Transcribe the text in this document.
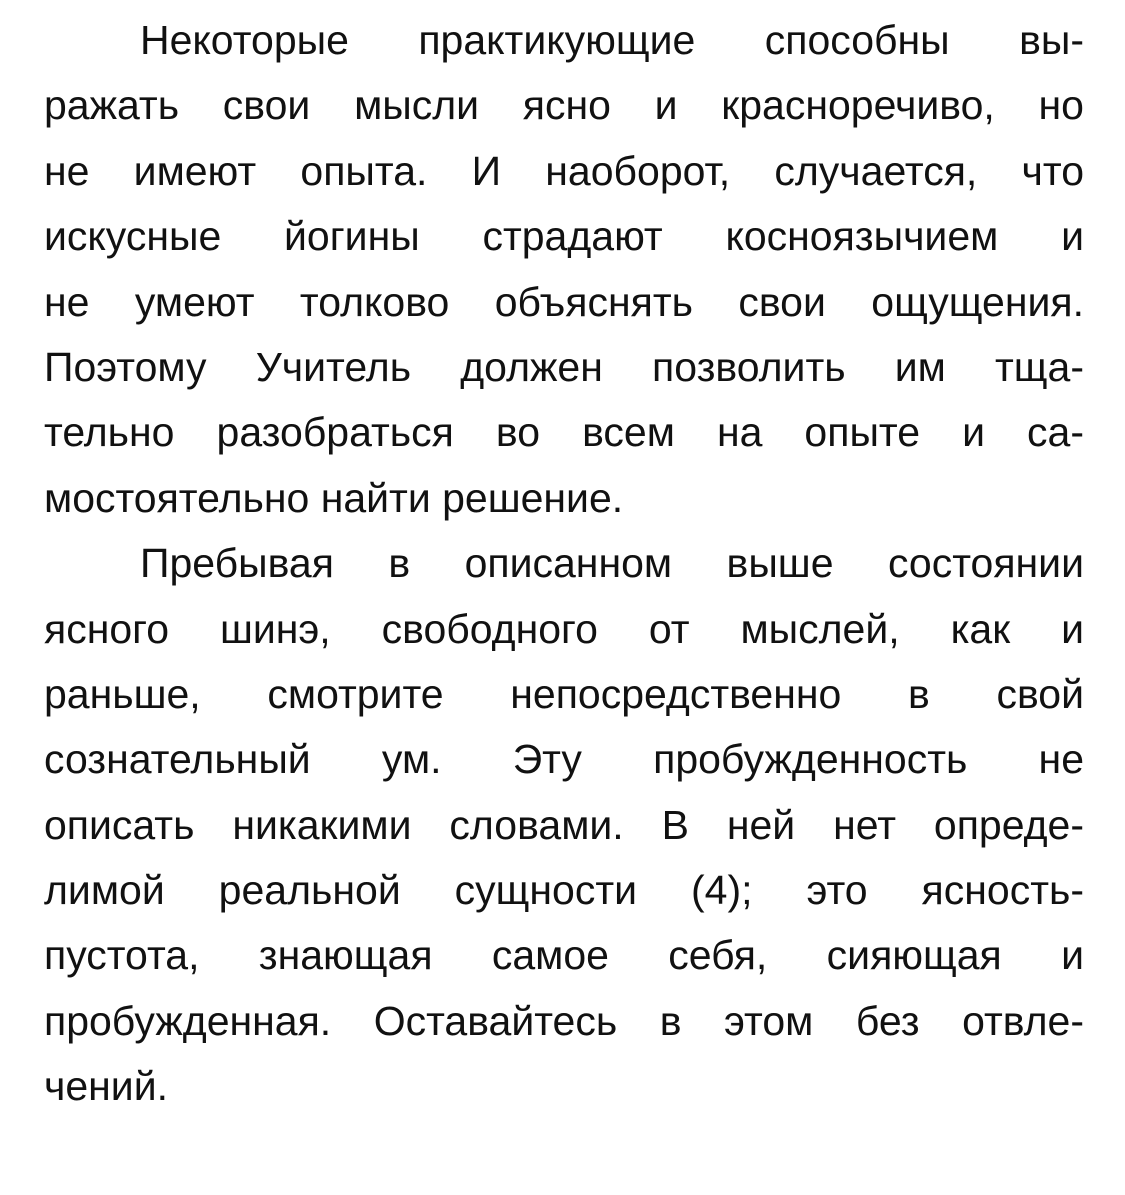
Некоторые практикующие способны вы-
ражать свои мысли ясно и красноречиво, но
не имеют опыта. И наоборот, случается, что
искусные йогины страдают косноязычием и
не умеют толково объяснять свои ощущения.
Поэтому Учитель должен позволить им тща-
тельно разобраться во всем на опыте и са-
мостоятельно найти решение.
Пребывая в описанном выше состоянии
ясного шинэ, свободного от мыслей, как и
раньше, смотрите непосредственно в свой
сознательный ум. Эту пробужденность не
описать никакими словами. В ней нет опреде-
лимой реальной сущности (4); это ясность-
пустота, знающая самое себя, сияющая и
пробужденная. Оставайтесь в этом без отвле-
чений.
